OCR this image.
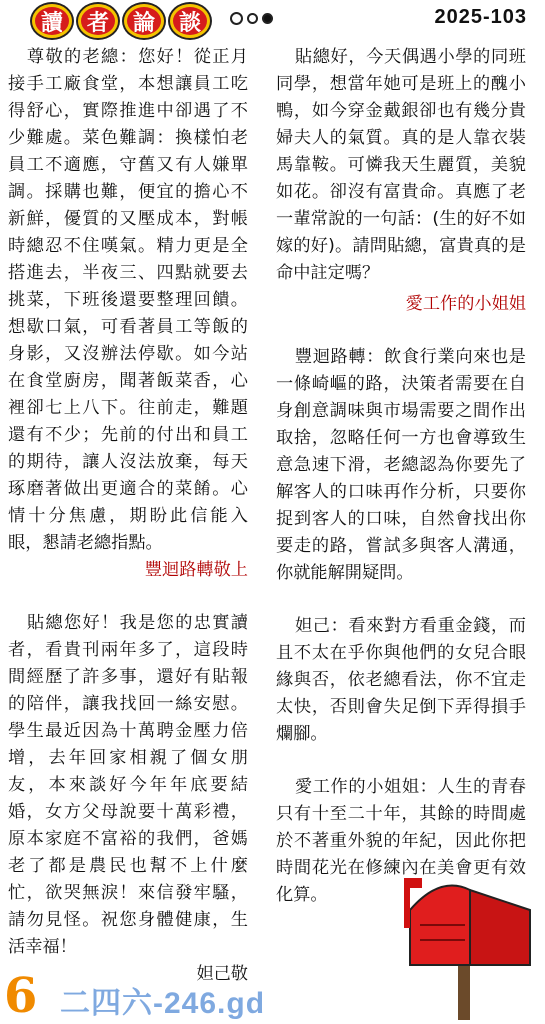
讀	者	論	談	2025-103

尊敬的老總：您好！從正月接手工廠食堂，本想讓員工吃得舒心，實際推進中卻遇了不少難處。菜色難調：換樣怕老員工不適應，守舊又有人嫌單調。採購也難，便宜的擔心不新鮮，優質的又壓成本，對帳時總忍不住嘆氣。精力更是全搭進去，半夜三、四點就要去挑菜，下班後還要整理回饋。想歇口氣，可看著員工等飯的身影，又沒辦法停歇。如今站在食堂廚房，聞著飯菜香，心裡卻七上八下。往前走，難題還有不少；先前的付出和員工的期待，讓人沒法放棄，每天琢磨著做出更適合的菜餚。心情十分焦慮，期盼此信能入眼，懇請老總指點。

豐迴路轉敬上

貼總您好！我是您的忠實讀者，看貴刊兩年多了，這段時間經歷了許多事，還好有貼報的陪伴，讓我找回一絲安慰。學生最近因為十萬聘金壓力倍增，去年回家相親了個女朋友，本來談好今年年底要結婚，女方父母說要十萬彩禮，原本家庭不富裕的我們，爸媽老了都是農民也幫不上什麼忙，欲哭無淚！來信發牢騷，請勿見怪。祝您身體健康，生活幸福！

妲己敬

貼總好，今天偶遇小學的同班同學，想當年她可是班上的醜小鴨，如今穿金戴銀卻也有幾分貴婦夫人的氣質。真的是人靠衣裝馬靠鞍。可憐我天生麗質，美貌如花。卻沒有富貴命。真應了老一輩常說的一句話：(生的好不如嫁的好)。請問貼總，富貴真的是命中註定嗎？

愛工作的小姐姐

豐迴路轉：飲食行業向來也是一條崎嶇的路，決策者需要在自身創意調味與市場需要之間作出取捨，忽略任何一方也會導致生意急速下滑，老總認為你要先了解客人的口味再作分析，只要你捉到客人的口味，自然會找出你要走的路，嘗試多與客人溝通，你就能解開疑問。

妲己：看來對方看重金錢，而且不太在乎你與他們的女兒合眼緣與否，依老總看法，你不宜走太快，否則會失足倒下弄得損手爛腳。

愛工作的小姐姐：人生的青春只有十至二十年，其餘的時間處於不著重外貌的年紀，因此你把時間花光在修練內在美會更有效化算。

6 二四六-246.gd
